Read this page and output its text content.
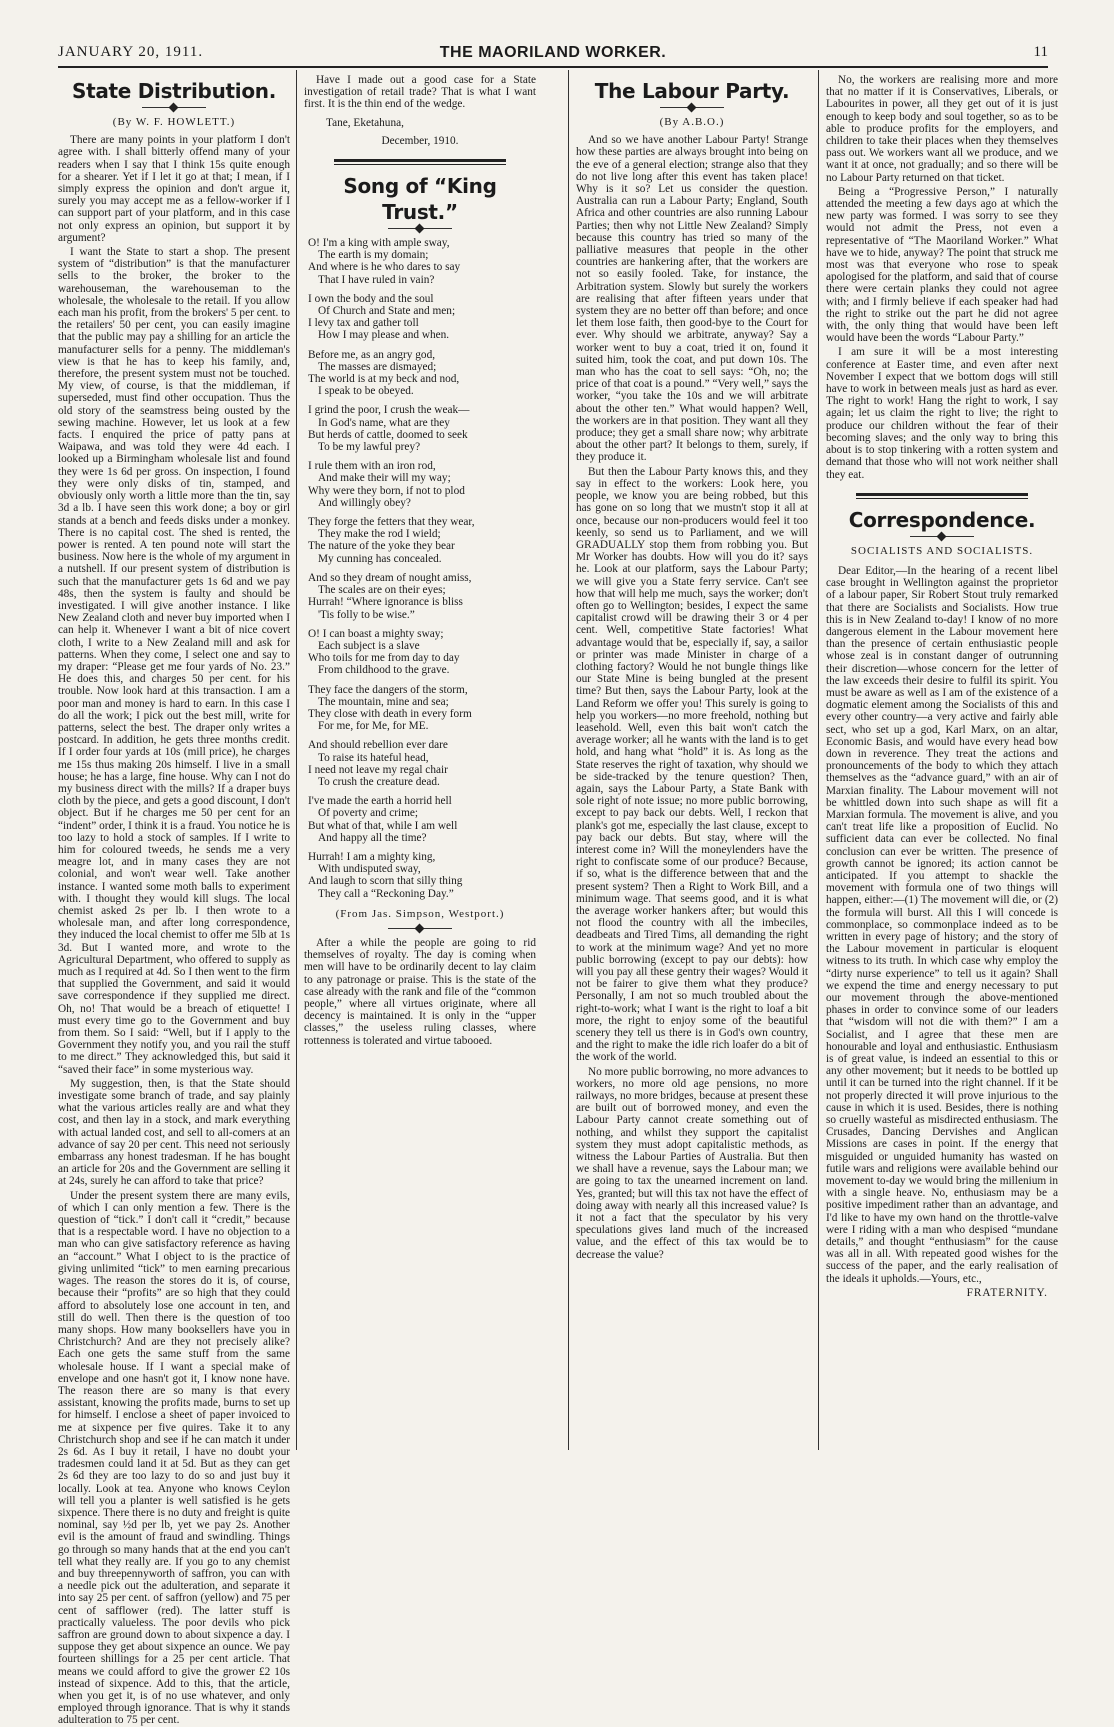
JANUARY 20, 1911.	THE MAORILAND WORKER.	11
State Distribution.
(By W. F. HOWLETT.)

There are many points in your platform I don't agree with. I shall bitterly offend many of your readers when I say that I think 15s quite enough for a shearer. Yet if I let it go at that; I mean, if I simply express the opinion and don't argue it, surely you may accept me as a fellow-worker if I can support part of your platform, and in this case not only express an opinion, but support it by argument?

I want the State to start a shop. The present system of “distribution” is that the manufacturer sells to the broker, the broker to the warehouseman, the warehouseman to the wholesale, the wholesale to the retail. If you allow each man his profit, from the brokers' 5 per cent. to the retailers' 50 per cent, you can easily imagine that the public may pay a shilling for an article the manufacturer sells for a penny. The middleman's view is that he has to keep his family, and, therefore, the present system must not be touched. My view, of course, is that the middleman, if superseded, must find other occupation. Thus the old story of the seamstress being ousted by the sewing machine. However, let us look at a few facts. I enquired the price of patty pans at Waipawa, and was told they were 4d each. I looked up a Birmingham wholesale list and found they were 1s 6d per gross. On inspection, I found they were only disks of tin, stamped, and obviously only worth a little more than the tin, say 3d a lb. I have seen this work done; a boy or girl stands at a bench and feeds disks under a monkey. There is no capital cost. The shed is rented, the power is rented. A ten pound note will start the business. Now here is the whole of my argument in a nutshell. If our present system of distribution is such that the manufacturer gets 1s 6d and we pay 48s, then the system is faulty and should be investigated. I will give another instance. I like New Zealand cloth and never buy imported when I can help it. Whenever I want a bit of nice covert cloth, I write to a New Zealand mill and ask for patterns. When they come, I select one and say to my draper: “Please get me four yards of No. 23.” He does this, and charges 50 per cent. for his trouble. Now look hard at this transaction. I am a poor man and money is hard to earn. In this case I do all the work; I pick out the best mill, write for patterns, select the best. The draper only writes a postcard. In addition, he gets three months credit. If I order four yards at 10s (mill price), he charges me 15s thus making 20s himself. I live in a small house; he has a large, fine house. Why can I not do my business direct with the mills? If a draper buys cloth by the piece, and gets a good discount, I don't object. But if he charges me 50 per cent for an “indent” order, I think it is a fraud. You notice he is too lazy to hold a stock of samples. If I write to him for coloured tweeds, he sends me a very meagre lot, and in many cases they are not colonial, and won't wear well. Take another instance. I wanted some moth balls to experiment with. I thought they would kill slugs. The local chemist asked 2s per lb. I then wrote to a wholesale man, and after long correspondence, they induced the local chemist to offer me 5lb at 1s 3d. But I wanted more, and wrote to the Agricultural Department, who offered to supply as much as I required at 4d. So I then went to the firm that supplied the Government, and said it would save correspondence if they supplied me direct. Oh, no! That would be a breach of etiquette! I must every time go to the Government and buy from them. So I said: “Well, but if I apply to the Government they notify you, and you rail the stuff to me direct.” They acknowledged this, but said it “saved their face” in some mysterious way.

My suggestion, then, is that the State should investigate some branch of trade, and say plainly what the various articles really are and what they cost, and then lay in a stock, and mark everything with actual landed cost, and sell to all-comers at an advance of say 20 per cent. This need not seriously embarrass any honest tradesman. If he has bought an article for 20s and the Government are selling it at 24s, surely he can afford to take that price?

Under the present system there are many evils, of which I can only mention a few. There is the question of “tick.” I don't call it “credit,” because that is a respectable word. I have no objection to a man who can give satisfactory reference as having an “account.” What I object to is the practice of giving unlimited “tick” to men earning precarious wages. The reason the stores do it is, of course, because their “profits” are so high that they could afford to absolutely lose one account in ten, and still do well. Then there is the question of too many shops. How many booksellers have you in Christchurch? And are they not precisely alike? Each one gets the same stuff from the same wholesale house. If I want a special make of envelope and one hasn't got it, I know none have. The reason there are so many is that every assistant, knowing the profits made, burns to set up for himself. I enclose a sheet of paper invoiced to me at sixpence per five quires. Take it to any Christchurch shop and see if he can match it under 2s 6d. As I buy it retail, I have no doubt your tradesmen could land it at 5d. But as they can get 2s 6d they are too lazy to do so and just buy it locally. Look at tea. Anyone who knows Ceylon will tell you a planter is well satisfied is he gets sixpence. There there is no duty and freight is quite nominal, say ½d per lb, yet we pay 2s. Another evil is the amount of fraud and swindling. Things go through so many hands that at the end you can't tell what they really are. If you go to any chemist and buy threepennyworth of saffron, you can with a needle pick out the adulteration, and separate it into say 25 per cent. of saffron (yellow) and 75 per cent of safflower (red). The latter stuff is practically valueless. The poor devils who pick saffron are ground down to about sixpence a day. I suppose they get about sixpence an ounce. We pay fourteen shillings for a 25 per cent article. That means we could afford to give the grower £2 10s instead of sixpence. Add to this, that the article, when you get it, is of no use whatever, and only employed through ignorance. That is why it stands adulteration to 75 per cent.

Have I made out a good case for a State investigation of retail trade? That is what I want first. It is the thin end of the wedge.

Tane, Eketahuna,

December, 1910.

Song of “King Trust.”
O! I'm a king with ample sway,
The earth is my domain;
And where is he who dares to say
That I have ruled in vain?
I own the body and the soul
Of Church and State and men;
I levy tax and gather toll
How I may please and when.
Before me, as an angry god,
The masses are dismayed;
The world is at my beck and nod,
I speak to be obeyed.
I grind the poor, I crush the weak—
In God's name, what are they
But herds of cattle, doomed to seek
To be my lawful prey?
I rule them with an iron rod,
And make their will my way;
Why were they born, if not to plod
And willingly obey?
They forge the fetters that they wear,
They make the rod I wield;
The nature of the yoke they bear
My cunning has concealed.
And so they dream of nought amiss,
The scales are on their eyes;
Hurrah! “Where ignorance is bliss
'Tis folly to be wise.”
O! I can boast a mighty sway;
Each subject is a slave
Who toils for me from day to day
From childhood to the grave.
They face the dangers of the storm,
The mountain, mine and sea;
They close with death in every form
For me, for Me, for ME.
And should rebellion ever dare
To raise its hateful head,
I need not leave my regal chair
To crush the creature dead.
I've made the earth a horrid hell
Of poverty and crime;
But what of that, while I am well
And happy all the time?
Hurrah! I am a mighty king,
With undisputed sway,
And laugh to scorn that silly thing
They call a “Reckoning Day.”
(From Jas. Simpson, Westport.)

After a while the people are going to rid themselves of royalty. The day is coming when men will have to be ordinarily decent to lay claim to any patronage or praise. This is the state of the case already with the rank and file of the “common people,” where all virtues originate, where all decency is maintained. It is only in the “upper classes,” the useless ruling classes, where rottenness is tolerated and virtue tabooed.

The Labour Party.
(By A.B.O.)

And so we have another Labour Party! Strange how these parties are always brought into being on the eve of a general election; strange also that they do not live long after this event has taken place! Why is it so? Let us consider the question. Australia can run a Labour Party; England, South Africa and other countries are also running Labour Parties; then why not Little New Zealand? Simply because this country has tried so many of the palliative measures that people in the other countries are hankering after, that the workers are not so easily fooled. Take, for instance, the Arbitration system. Slowly but surely the workers are realising that after fifteen years under that system they are no better off than before; and once let them lose faith, then good-bye to the Court for ever. Why should we arbitrate, anyway? Say a worker went to buy a coat, tried it on, found it suited him, took the coat, and put down 10s. The man who has the coat to sell says: “Oh, no; the price of that coat is a pound.” “Very well,” says the worker, “you take the 10s and we will arbitrate about the other ten.” What would happen? Well, the workers are in that position. They want all they produce; they get a small share now; why arbitrate about the other part? It belongs to them, surely, if they produce it.

But then the Labour Party knows this, and they say in effect to the workers: Look here, you people, we know you are being robbed, but this has gone on so long that we mustn't stop it all at once, because our non-producers would feel it too keenly, so send us to Parliament, and we will GRADUALLY stop them from robbing you. But Mr Worker has doubts. How will you do it? says he. Look at our platform, says the Labour Party; we will give you a State ferry service. Can't see how that will help me much, says the worker; don't often go to Wellington; besides, I expect the same capitalist crowd will be drawing their 3 or 4 per cent. Well, competitive State factories! What advantage would that be, especially if, say, a sailor or printer was made Minister in charge of a clothing factory? Would he not bungle things like our State Mine is being bungled at the present time? But then, says the Labour Party, look at the Land Reform we offer you! This surely is going to help you workers—no more freehold, nothing but leasehold. Well, even this bait won't catch the average worker; all he wants with the land is to get hold, and hang what “hold” it is. As long as the State reserves the right of taxation, why should we be side-tracked by the tenure question? Then, again, says the Labour Party, a State Bank with sole right of note issue; no more public borrowing, except to pay back our debts. Well, I reckon that plank's got me, especially the last clause, except to pay back our debts. But stay, where will the interest come in? Will the moneylenders have the right to confiscate some of our produce? Because, if so, what is the difference between that and the present system? Then a Right to Work Bill, and a minimum wage. That seems good, and it is what the average worker hankers after; but would this not flood the country with all the imbeciles, deadbeats and Tired Tims, all demanding the right to work at the minimum wage? And yet no more public borrowing (except to pay our debts): how will you pay all these gentry their wages? Would it not be fairer to give them what they produce? Personally, I am not so much troubled about the right-to-work; what I want is the right to loaf a bit more, the right to enjoy some of the beautiful scenery they tell us there is in God's own country, and the right to make the idle rich loafer do a bit of the work of the world.

No more public borrowing, no more advances to workers, no more old age pensions, no more railways, no more bridges, because at present these are built out of borrowed money, and even the Labour Party cannot create something out of nothing, and whilst they support the capitalist system they must adopt capitalistic methods, as witness the Labour Parties of Australia. But then we shall have a revenue, says the Labour man; we are going to tax the unearned increment on land. Yes, granted; but will this tax not have the effect of doing away with nearly all this increased value? Is it not a fact that the speculator by his very speculations gives land much of the increased value, and the effect of this tax would be to decrease the value?

No, the workers are realising more and more that no matter if it is Conservatives, Liberals, or Labourites in power, all they get out of it is just enough to keep body and soul together, so as to be able to produce profits for the employers, and children to take their places when they themselves pass out. We workers want all we produce, and we want it at once, not gradually; and so there will be no Labour Party returned on that ticket.

Being a “Progressive Person,” I naturally attended the meeting a few days ago at which the new party was formed. I was sorry to see they would not admit the Press, not even a representative of “The Maoriland Worker.” What have we to hide, anyway? The point that struck me most was that everyone who rose to speak apologised for the platform, and said that of course there were certain planks they could not agree with; and I firmly believe if each speaker had had the right to strike out the part he did not agree with, the only thing that would have been left would have been the words “Labour Party.”

I am sure it will be a most interesting conference at Easter time, and even after next November I expect that we bottom dogs will still have to work in between meals just as hard as ever. The right to work! Hang the right to work, I say again; let us claim the right to live; the right to produce our children without the fear of their becoming slaves; and the only way to bring this about is to stop tinkering with a rotten system and demand that those who will not work neither shall they eat.

Correspondence.
SOCIALISTS AND SOCIALISTS.

Dear Editor,—In the hearing of a recent libel case brought in Wellington against the proprietor of a labour paper, Sir Robert Stout truly remarked that there are Socialists and Socialists. How true this is in New Zealand to-day! I know of no more dangerous element in the Labour movement here than the presence of certain enthusiastic people whose zeal is in constant danger of outrunning their discretion—whose concern for the letter of the law exceeds their desire to fulfil its spirit. You must be aware as well as I am of the existence of a dogmatic element among the Socialists of this and every other country—a very active and fairly able sect, who set up a god, Karl Marx, on an altar, Economic Basis, and would have every head bow down in reverence. They treat the actions and pronouncements of the body to which they attach themselves as the “advance guard,” with an air of Marxian finality. The Labour movement will not be whittled down into such shape as will fit a Marxian formula. The movement is alive, and you can't treat life like a proposition of Euclid. No sufficient data can ever be collected. No final conclusion can ever be written. The presence of growth cannot be ignored; its action cannot be anticipated. If you attempt to shackle the movement with formula one of two things will happen, either:—(1) The movement will die, or (2) the formula will burst. All this I will concede is commonplace, so commonplace indeed as to be written in every page of history; and the story of the Labour movement in particular is eloquent witness to its truth. In which case why employ the “dirty nurse experience” to tell us it again? Shall we expend the time and energy necessary to put our movement through the above-mentioned phases in order to convince some of our leaders that “wisdom will not die with them?” I am a Socialist, and I agree that these men are honourable and loyal and enthusiastic. Enthusiasm is of great value, is indeed an essential to this or any other movement; but it needs to be bottled up until it can be turned into the right channel. If it be not properly directed it will prove injurious to the cause in which it is used. Besides, there is nothing so cruelly wasteful as misdirected enthusiasm. The Crusades, Dancing Dervishes and Anglican Missions are cases in point. If the energy that misguided or unguided humanity has wasted on futile wars and religions were available behind our movement to-day we would bring the millenium in with a single heave. No, enthusiasm may be a positive impediment rather than an advantage, and I'd like to have my own hand on the throttle-valve were I riding with a man who despised “mundane details,” and thought “enthusiasm” for the cause was all in all. With repeated good wishes for the success of the paper, and the early realisation of the ideals it upholds.—Yours, etc.,

FRATERNITY.
